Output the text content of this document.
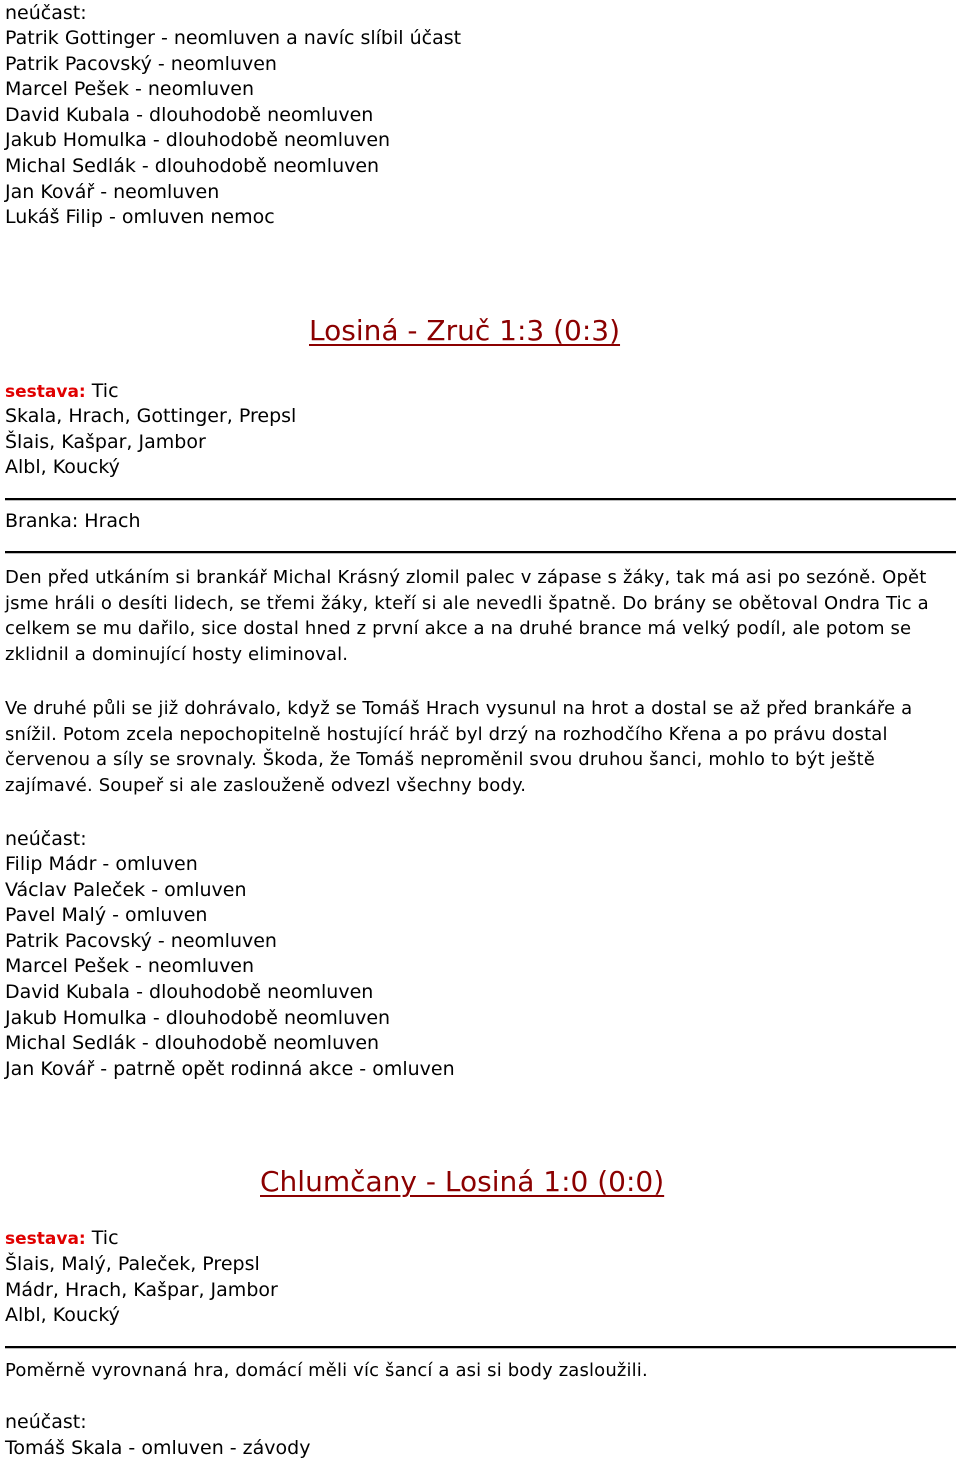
neúčast:
Patrik Gottinger - neomluven a navíc slíbil účast
Patrik Pacovský - neomluven
Marcel Pešek - neomluven
David Kubala - dlouhodobě neomluven
Jakub Homulka - dlouhodobě neomluven
Michal Sedlák - dlouhodobě neomluven
Jan Kovář - neomluven
Lukáš Filip - omluven nemoc
Losiná - Zruč 1:3 (0:3)
sestava: Tic
Skala, Hrach, Gottinger, Prepsl
Šlais, Kašpar, Jambor
Albl, Koucký
Branka: Hrach
Den před utkáním si brankář Michal Krásný zlomil palec v zápase s žáky, tak má asi po sezóně. Opět jsme hráli o desíti lidech, se třemi žáky, kteří si ale nevedli špatně. Do brány se obětoval Ondra Tic a celkem se mu dařilo, sice dostal hned z první akce a na druhé brance má velký podíl, ale potom se zklidnil a dominující hosty eliminoval.
Ve druhé půli se již dohrávalo, když se Tomáš Hrach vysunul na hrot a dostal se až před brankáře a snížil. Potom zcela nepochopitelně hostující hráč byl drzý na rozhodčího Křena a po právu dostal červenou a síly se srovnaly. Škoda, že Tomáš neproměnil svou druhou šanci, mohlo to být ještě zajímavé. Soupeř si ale zaslouženě odvezl všechny body.
neúčast:
Filip Mádr - omluven
Václav Paleček - omluven
Pavel Malý - omluven
Patrik Pacovský - neomluven
Marcel Pešek - neomluven
David Kubala - dlouhodobě neomluven
Jakub Homulka - dlouhodobě neomluven
Michal Sedlák - dlouhodobě neomluven
Jan Kovář - patrně opět rodinná akce - omluven
Chlumčany - Losiná 1:0 (0:0)
sestava: Tic
Šlais, Malý, Paleček, Prepsl
Mádr, Hrach, Kašpar, Jambor
Albl, Koucký
Poměrně vyrovnaná hra, domácí měli víc šancí a asi si body zasloužili.
neúčast:
Tomáš Skala - omluven - závody
